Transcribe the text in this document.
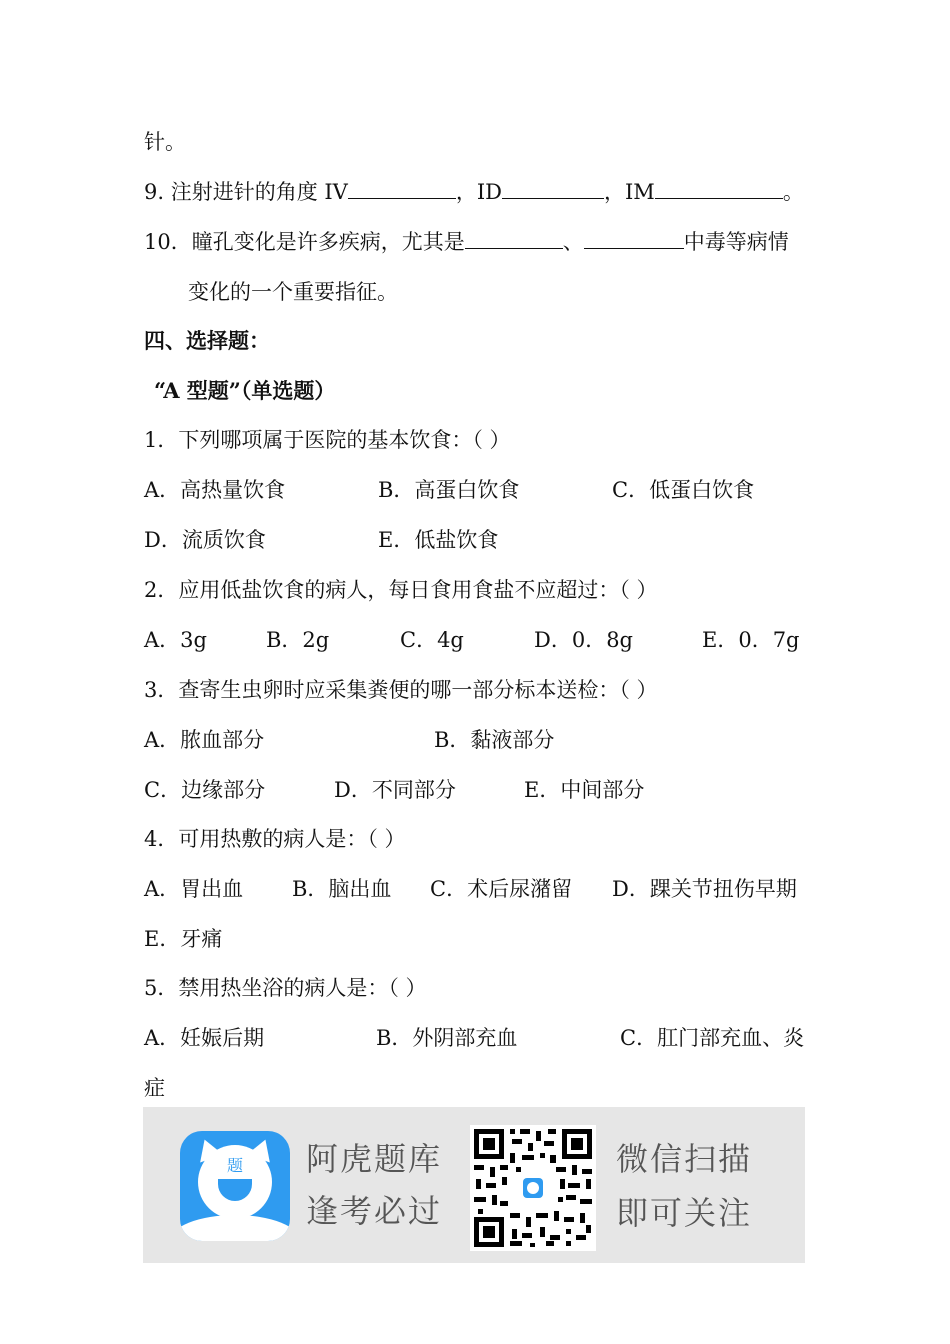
针。
9. 注射进针的角度 IV	，ID	，IM	。
10．瞳孔变化是许多疾病，尤其是	、	中毒等病情
变化的一个重要指征。
四、选择题：
“A 型题”（单选题）
1．下列哪项属于医院的基本饮食：（ ）
A．高热量饮食	B．高蛋白饮食	C．低蛋白饮食
D．流质饮食	E．低盐饮食
2．应用低盐饮食的病人，每日食用食盐不应超过：（ ）
A．3g	B．2g	C．4g	D．0．8g	E．0．7g
3．查寄生虫卵时应采集粪便的哪一部分标本送检：（ ）
A．脓血部分	B．黏液部分
C．边缘部分	D．不同部分	E．中间部分
4．可用热敷的病人是：（ ）
A．胃出血 B．脑出血 C．术后尿潴留 D．踝关节扭伤早期
E．牙痛
5．禁用热坐浴的病人是：（ ）
A．妊娠后期	B．外阴部充血	C．肛门部充血、炎
症
题	阿虎题库
逢考必过
微信扫描
即可关注
